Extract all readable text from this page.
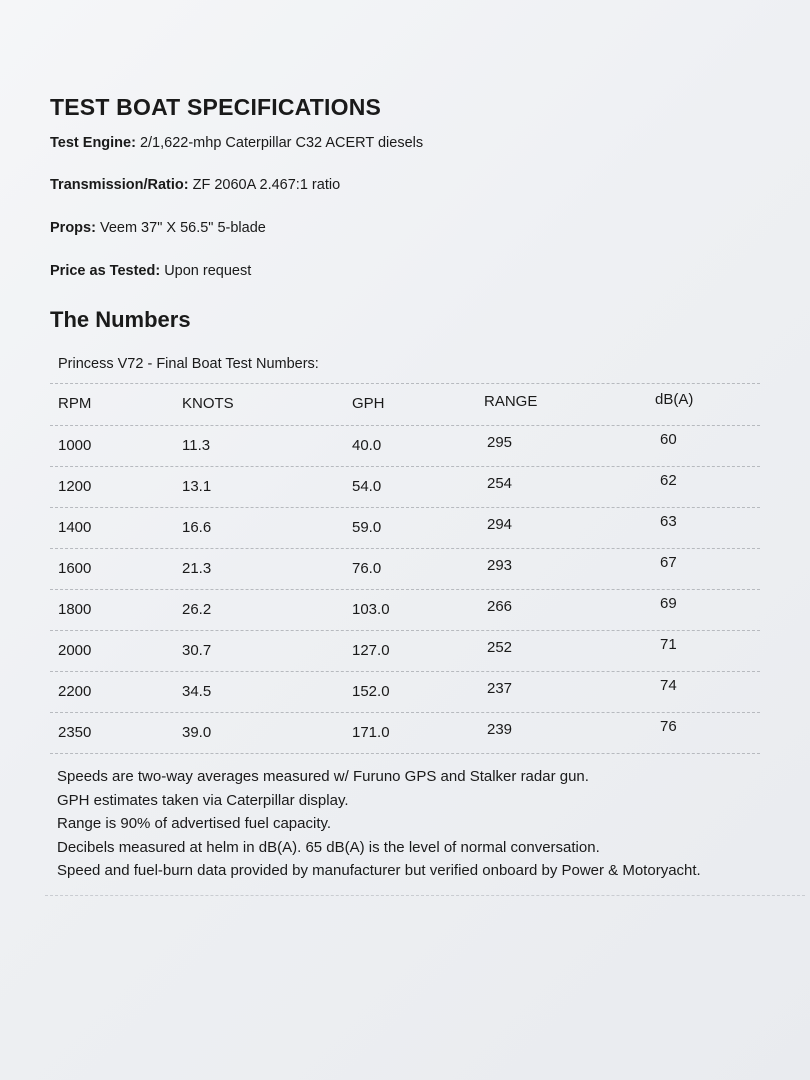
TEST BOAT SPECIFICATIONS
Test Engine: 2/1,622-mhp Caterpillar C32 ACERT diesels
Transmission/Ratio: ZF 2060A 2.467:1 ratio
Props: Veem 37" X 56.5" 5-blade
Price as Tested: Upon request
The Numbers
Princess V72 - Final Boat Test Numbers:
RPM	KNOTS	GPH	RANGE	dB(A)
1000	11.3	40.0	295	60
1200	13.1	54.0	254	62
1400	16.6	59.0	294	63
1600	21.3	76.0	293	67
1800	26.2	103.0	266	69
2000	30.7	127.0	252	71
2200	34.5	152.0	237	74
2350	39.0	171.0	239	76
Speeds are two-way averages measured w/ Furuno GPS and Stalker radar gun.
GPH estimates taken via Caterpillar display.
Range is 90% of advertised fuel capacity.
Decibels measured at helm in dB(A). 65 dB(A) is the level of normal conversation.
Speed and fuel-burn data provided by manufacturer but verified onboard by Power & Motoryacht.
